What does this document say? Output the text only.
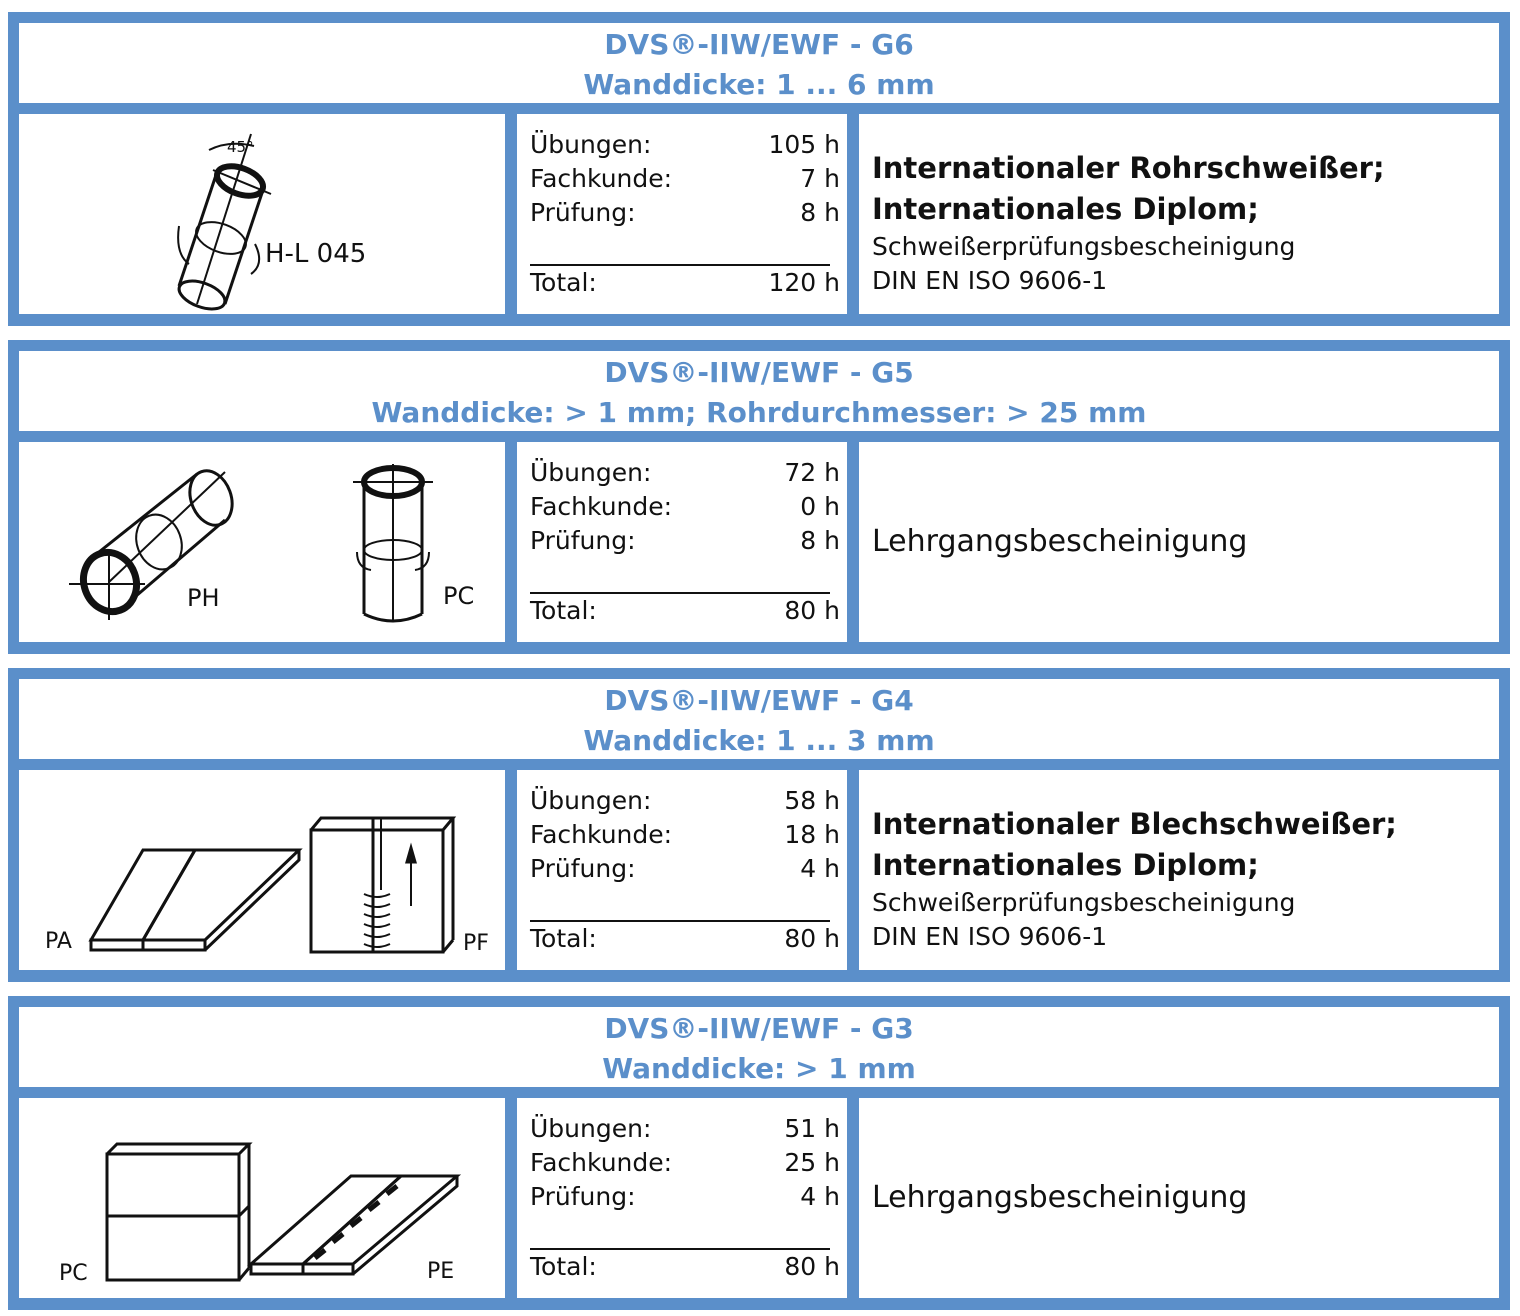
DVS®-IIW/EWF - G6
Wanddicke: 1 ... 6 mm
45°
H-L 045
Übungen:	105 h
Fachkunde:	7 h
Prüfung:	8 h
Total:	120 h
Internationaler Rohrschweißer;
Internationales Diplom;
Schweißerprüfungsbescheinigung
DIN EN ISO 9606-1
DVS®-IIW/EWF - G5
Wanddicke: > 1 mm; Rohrdurchmesser: > 25 mm
PH	PC
Übungen:	72 h
Fachkunde:	0 h
Prüfung:	8 h
Total:	80 h
Lehrgangsbescheinigung
DVS®-IIW/EWF - G4
Wanddicke: 1 ... 3 mm
PA	PF
Übungen:	58 h
Fachkunde:	18 h
Prüfung:	4 h
Total:	80 h
Internationaler Blechschweißer;
Internationales Diplom;
Schweißerprüfungsbescheinigung
DIN EN ISO 9606-1
DVS®-IIW/EWF - G3
Wanddicke: > 1 mm
PC	PE
Übungen:	51 h
Fachkunde:	25 h
Prüfung:	4 h
Total:	80 h
Lehrgangsbescheinigung
